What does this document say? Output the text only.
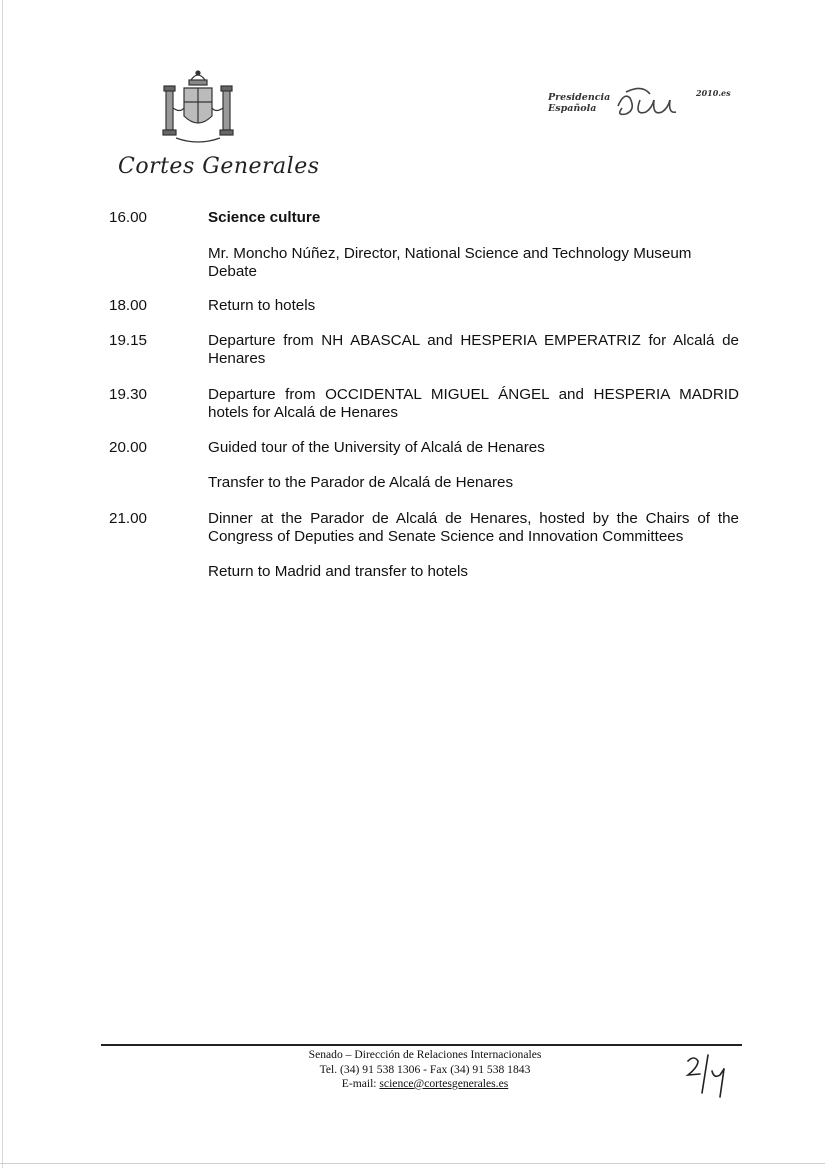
Cortes Generales
Presidencia
Española
eu
2010.es
16.00	Science culture
Mr. Moncho Núñez, Director, National Science and Technology Museum
Debate
18.00	Return to hotels
19.15	Departure from NH ABASCAL and HESPERIA EMPERATRIZ for Alcalá de Henares
19.30	Departure from OCCIDENTAL MIGUEL ÁNGEL and HESPERIA MADRID hotels for Alcalá de Henares
20.00	Guided tour of the University of Alcalá de Henares
Transfer to the Parador de Alcalá de Henares
21.00	Dinner at the Parador de Alcalá de Henares, hosted by the Chairs of the Congress of Deputies and Senate Science and Innovation Committees
Return to Madrid and transfer to hotels
Senado – Dirección de Relaciones Internacionales
Tel. (34) 91 538 1306 - Fax (34) 91 538 1843
E-mail: science@cortesgenerales.es
2/4
